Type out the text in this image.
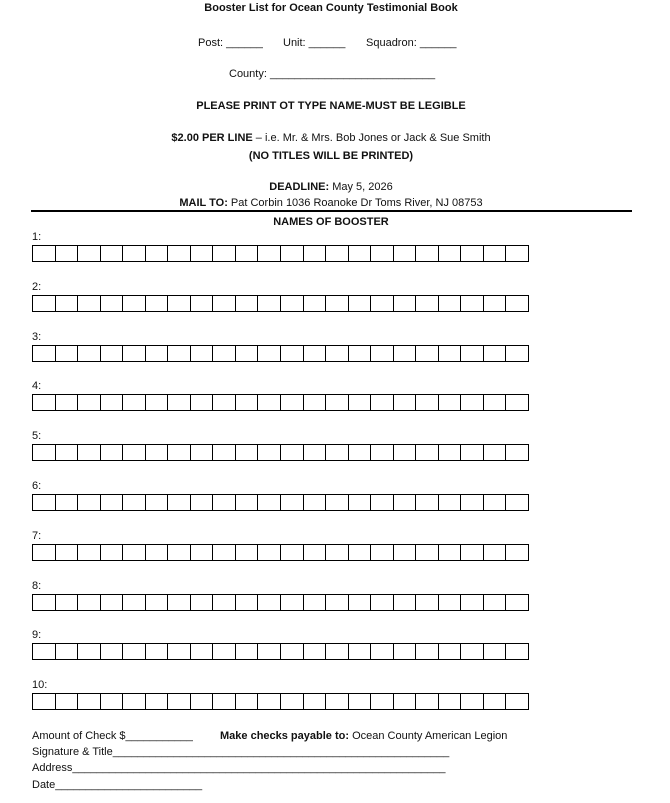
Booster List for Ocean County Testimonial Book
Post: ______ Unit: ______ Squadron: ______
County: ___________________________
PLEASE PRINT OT TYPE NAME-MUST BE LEGIBLE
$2.00 PER LINE – i.e. Mr. & Mrs. Bob Jones or Jack & Sue Smith
(NO TITLES WILL BE PRINTED)
DEADLINE: May 5, 2026
MAIL TO: Pat Corbin 1036 Roanoke Dr Toms River, NJ 08753
NAMES OF BOOSTER
1:
2:
3:
4:
5:
6:
7:
8:
9:
10:
Amount of Check $___________ Make checks payable to: Ocean County American Legion
Signature & Title_______________________________________________________
Address_____________________________________________________________
Date________________________
